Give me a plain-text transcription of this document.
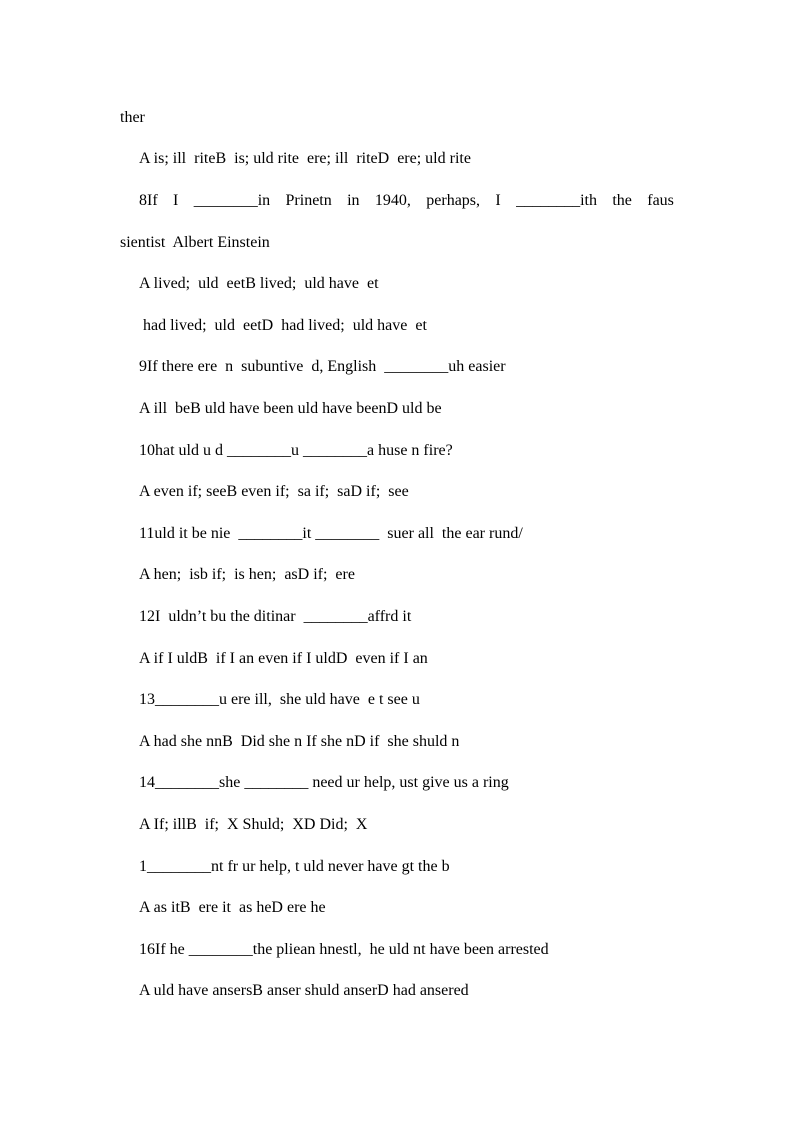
ther
A is; ill  riteB  is; uld rite  ere; ill  riteD  ere; uld rite
8If I ________in Prinetn in 1940, perhaps, I ________ith the faus
sientist  Albert Einstein
A lived;  uld  eetB lived;  uld have  et
had lived;  uld  eetD  had lived;  uld have  et
9If there ere  n  subuntive  d, English  ________uh easier
A ill  beB uld have been uld have beenD uld be
10hat uld u d ________u ________a huse n fire?
A even if; seeB even if;  sa if;  saD if;  see
11uld it be nie  ________it ________  suer all  the ear rund/
A hen;  isb if;  is hen;  asD if;  ere
12I  uldn’t bu the ditinar  ________affrd it
A if I uldB  if I an even if I uldD  even if I an
13________u ere ill,  she uld have  e t see u
A had she nnB  Did she n If she nD if  she shuld n
14________she ________ need ur help, ust give us a ring
A If; illB  if;  X Shuld;  XD Did;  X
1________nt fr ur help, t uld never have gt the b
A as itB  ere it  as heD ere he
16If he ________the pliean hnestl,  he uld nt have been arrested
A uld have ansersB anser shuld anserD had ansered
